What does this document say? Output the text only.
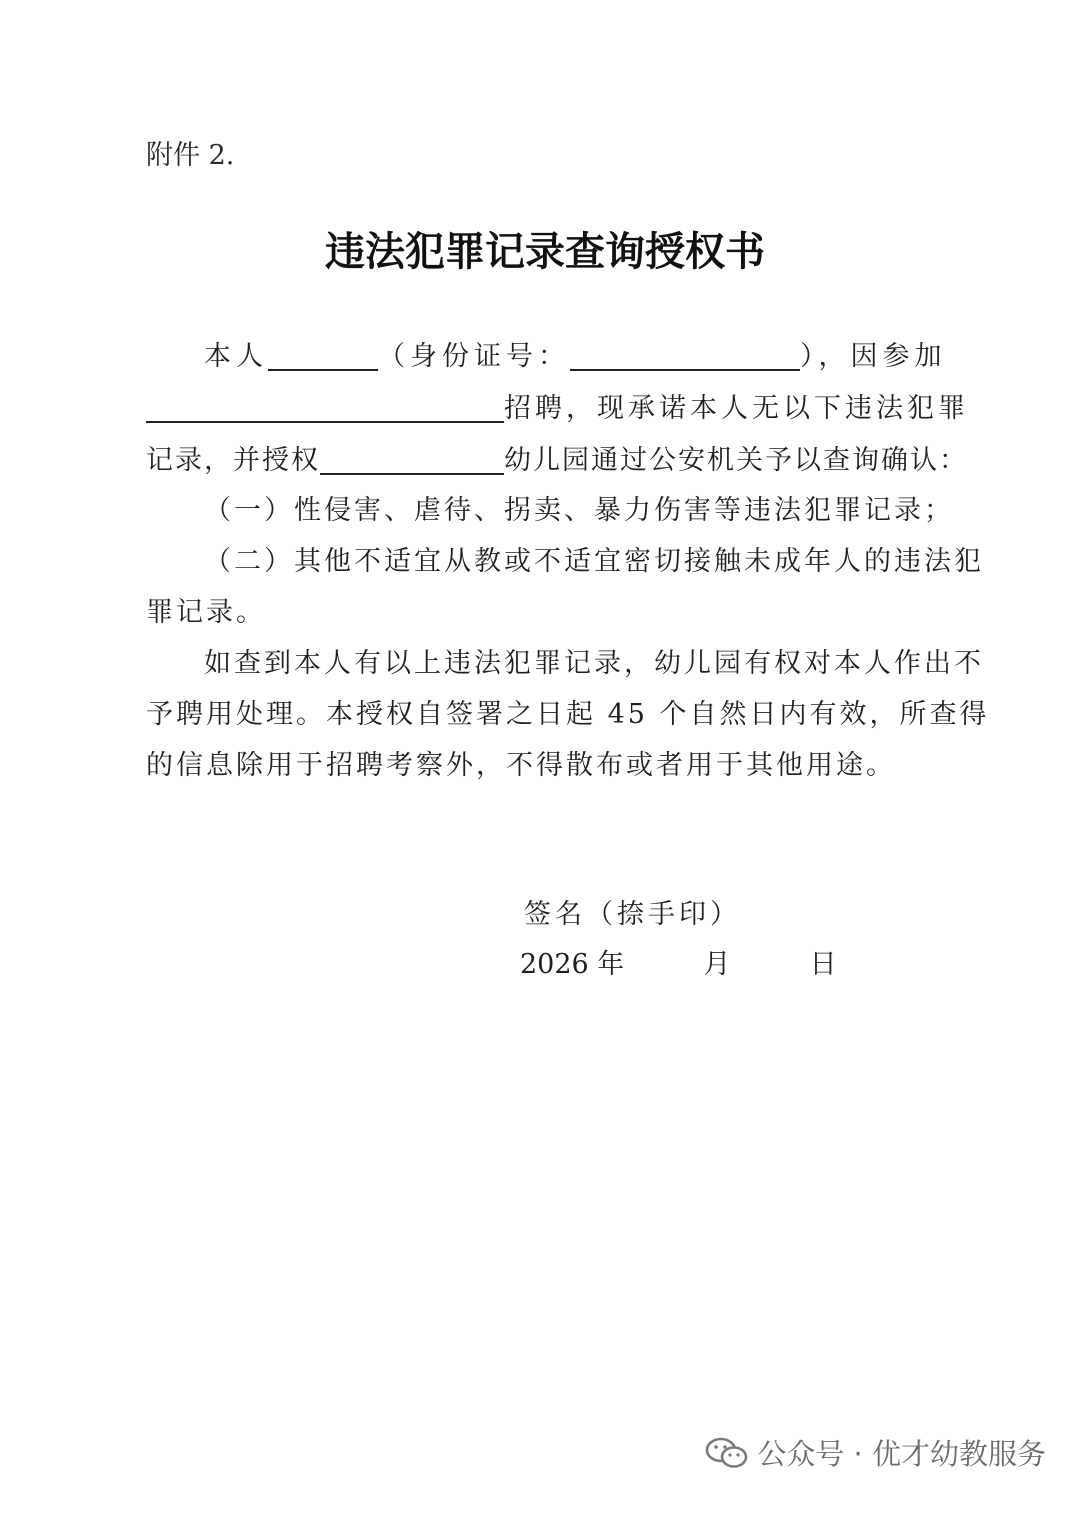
附件 2.
违法犯罪记录查询授权书
本人	（身份证号：	），因参加
招聘，现承诺本人无以下违法犯罪
记录，并授权	幼儿园通过公安机关予以查询确认：
（一）性侵害、虐待、拐卖、暴力伤害等违法犯罪记录；
（二）其他不适宜从教或不适宜密切接触未成年人的违法犯
罪记录。
如查到本人有以上违法犯罪记录，幼儿园有权对本人作出不
予聘用处理。本授权自签署之日起 45 个自然日内有效，所查得
的信息除用于招聘考察外，不得散布或者用于其他用途。
签名（捺手印）
2026 年	月	日
公众号 · 优才幼教服务
